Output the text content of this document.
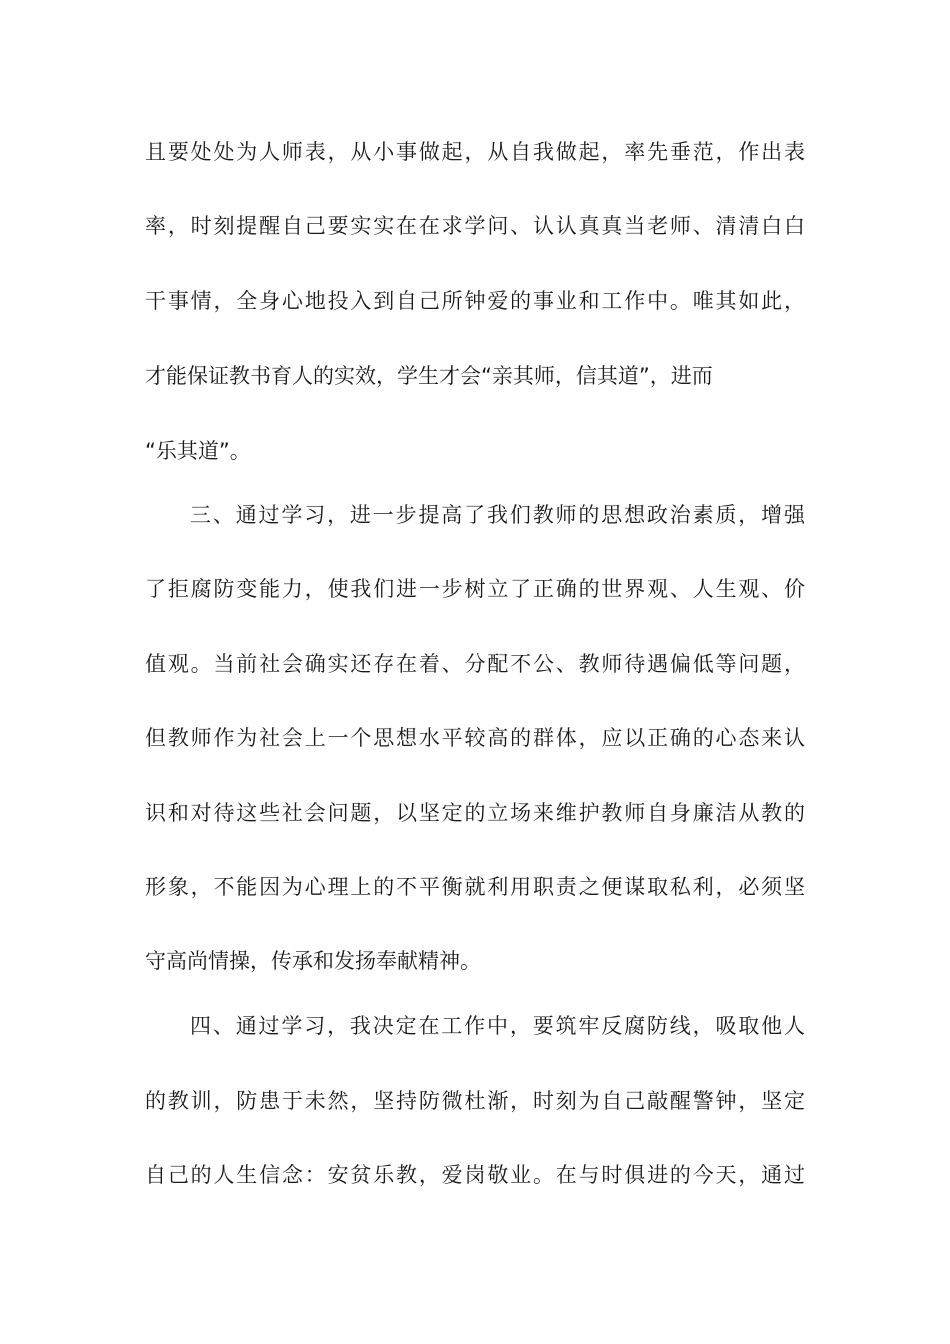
且要处处为人师表，从小事做起，从自我做起，率先垂范，作出表
率，时刻提醒自己要实实在在求学问、认认真真当老师、清清白白
干事情，全身心地投入到自己所钟爱的事业和工作中。唯其如此，
才能保证教书育人的实效，学生才会“亲其师，信其道”，进而
“乐其道”。
三、通过学习，进一步提高了我们教师的思想政治素质，增强
了拒腐防变能力，使我们进一步树立了正确的世界观、人生观、价
值观。当前社会确实还存在着、分配不公、教师待遇偏低等问题，
但教师作为社会上一个思想水平较高的群体，应以正确的心态来认
识和对待这些社会问题，以坚定的立场来维护教师自身廉洁从教的
形象，不能因为心理上的不平衡就利用职责之便谋取私利，必须坚
守高尚情操，传承和发扬奉献精神。
四、通过学习，我决定在工作中，要筑牢反腐防线，吸取他人
的教训，防患于未然，坚持防微杜渐，时刻为自己敲醒警钟，坚定
自己的人生信念：安贫乐教，爱岗敬业。在与时俱进的今天，通过
